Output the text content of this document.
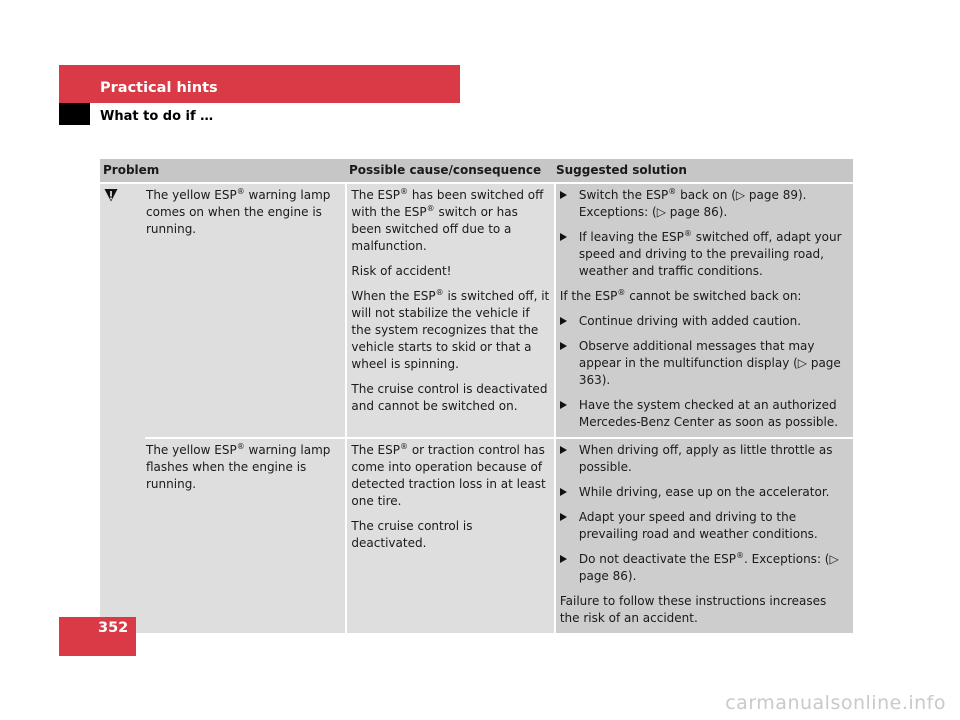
Practical hints
What to do if …
Problem	Possible cause/consequence	Suggested solution

The yellow ESP® warning lamp comes on when the engine is running.

The ESP® has been switched off with the ESP® switch or has been switched off due to a malfunction.

Risk of accident!

When the ESP® is switched off, it will not stabilize the vehicle if the system recognizes that the vehicle starts to skid or that a wheel is spinning.

The cruise control is deactivated and cannot be switched on.

Switch the ESP® back on (▷ page 89). Exceptions: (▷ page 86).
If leaving the ESP® switched off, adapt your speed and driving to the prevailing road, weather and traffic conditions.

If the ESP® cannot be switched back on:

Continue driving with added caution.
Observe additional messages that may appear in the multifunction display (▷ page 363).
Have the system checked at an authorized Mercedes-Benz Center as soon as possible.

The yellow ESP® warning lamp flashes when the engine is running.

The ESP® or traction control has come into operation because of detected traction loss in at least one tire.

The cruise control is deactivated.

When driving off, apply as little throttle as possible.
While driving, ease up on the accelerator.
Adapt your speed and driving to the prevailing road and weather conditions.
Do not deactivate the ESP®. Exceptions: (▷ page 86).

Failure to follow these instructions increases the risk of an accident.

352
carmanualsonline.info
